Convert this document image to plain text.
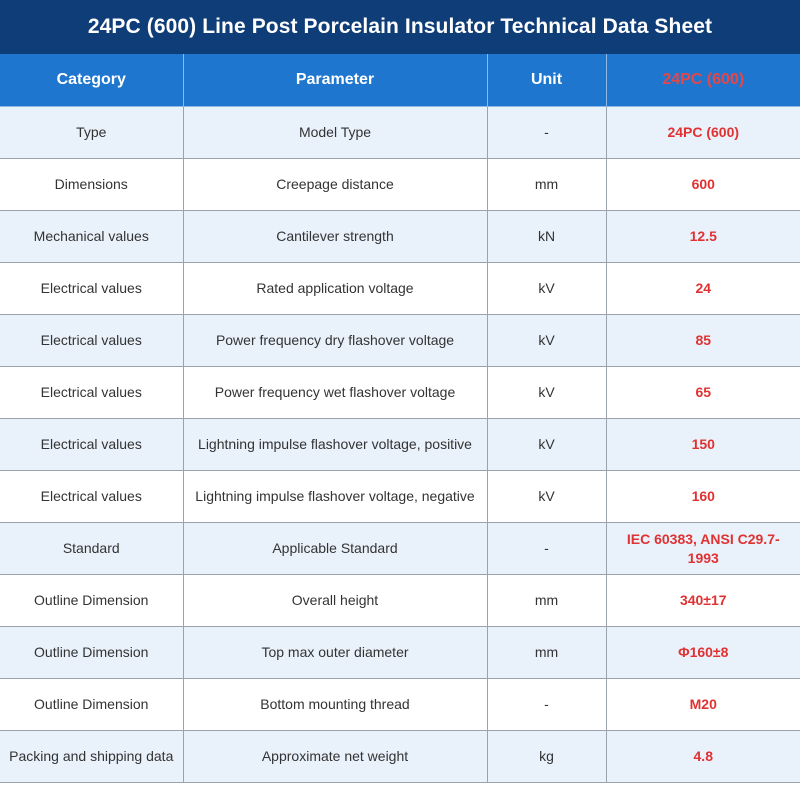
24PC (600) Line Post Porcelain Insulator Technical Data Sheet
Category	Parameter	Unit	24PC (600)
Type	Model Type	-	24PC (600)
Dimensions	Creepage distance	mm	600
Mechanical values	Cantilever strength	kN	12.5
Electrical values	Rated application voltage	kV	24
Electrical values	Power frequency dry flashover voltage	kV	85
Electrical values	Power frequency wet flashover voltage	kV	65
Electrical values	Lightning impulse flashover voltage, positive	kV	150
Electrical values	Lightning impulse flashover voltage, negative	kV	160
Standard	Applicable Standard	-	IEC 60383, ANSI C29.7-1993
Outline Dimension	Overall height	mm	340±17
Outline Dimension	Top max outer diameter	mm	Φ160±8
Outline Dimension	Bottom mounting thread	-	M20
Packing and shipping data	Approximate net weight	kg	4.8
